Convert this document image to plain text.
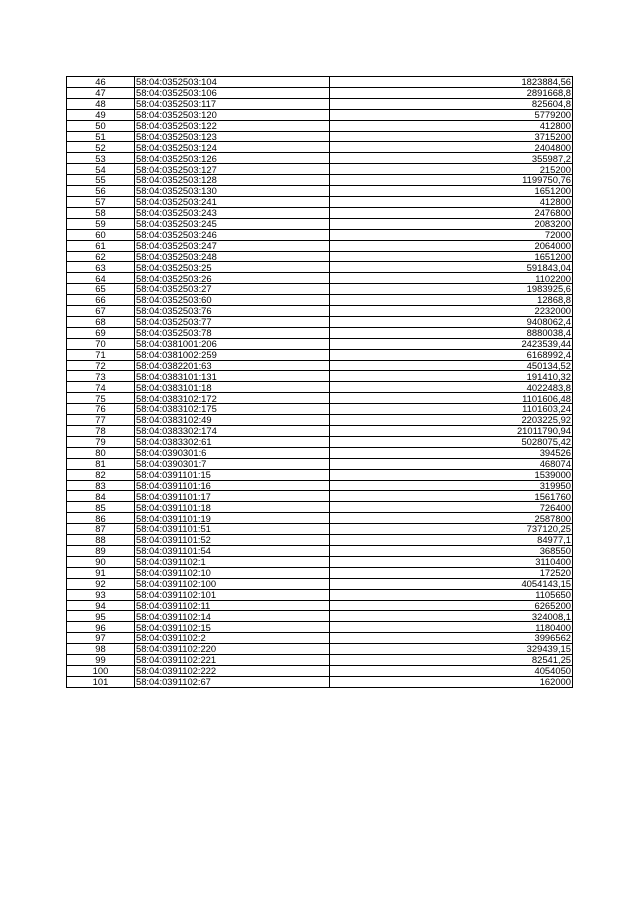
46	58:04:0352503:104	1823884,56
47	58:04:0352503:106	2891668,8
48	58:04:0352503:117	825604,8
49	58:04:0352503:120	5779200
50	58:04:0352503:122	412800
51	58:04:0352503:123	3715200
52	58:04:0352503:124	2404800
53	58:04:0352503:126	355987,2
54	58:04:0352503:127	215200
55	58:04:0352503:128	1199750,76
56	58:04:0352503:130	1651200
57	58:04:0352503:241	412800
58	58:04:0352503:243	2476800
59	58:04:0352503:245	2083200
60	58:04:0352503:246	72000
61	58:04:0352503:247	2064000
62	58:04:0352503:248	1651200
63	58:04:0352503:25	591843,04
64	58:04:0352503:26	1102200
65	58:04:0352503:27	1983925,6
66	58:04:0352503:60	12868,8
67	58:04:0352503:76	2232000
68	58:04:0352503:77	9408062,4
69	58:04:0352503:78	8880038,4
70	58:04:0381001:206	2423539,44
71	58:04:0381002:259	6168992,4
72	58:04:0382201:63	450134,52
73	58:04:0383101:131	191410,32
74	58:04:0383101:18	4022483,8
75	58:04:0383102:172	1101606,48
76	58:04:0383102:175	1101603,24
77	58:04:0383102:49	2203225,92
78	58:04:0383302:174	21011790,94
79	58:04:0383302:61	5028075,42
80	58:04:0390301:6	394526
81	58:04:0390301:7	468074
82	58:04:0391101:15	1539000
83	58:04:0391101:16	319950
84	58:04:0391101:17	1561760
85	58:04:0391101:18	726400
86	58:04:0391101:19	2587800
87	58:04:0391101:51	737120,25
88	58:04:0391101:52	84977,1
89	58:04:0391101:54	368550
90	58:04:0391102:1	3110400
91	58:04:0391102:10	172520
92	58:04:0391102:100	4054143,15
93	58:04:0391102:101	1105650
94	58:04:0391102:11	6265200
95	58:04:0391102:14	324008,1
96	58:04:0391102:15	1180400
97	58:04:0391102:2	3996562
98	58:04:0391102:220	329439,15
99	58:04:0391102:221	82541,25
100	58:04:0391102:222	4054050
101	58:04:0391102:67	162000
